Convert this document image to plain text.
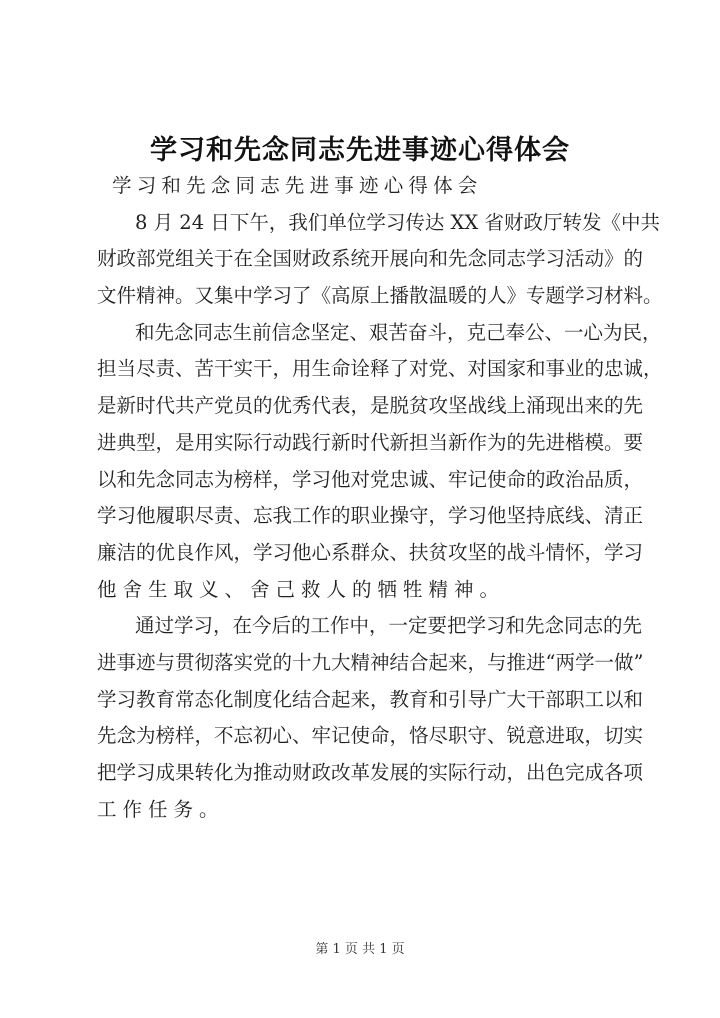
学习和先念同志先进事迹心得体会
学习和先念同志先进事迹心得体会
8 月 24 日下午，我们单位学习传达 XX 省财政厅转发《中共
财政部党组关于在全国财政系统开展向和先念同志学习活动》的
文件精神。又集中学习了《高原上播散温暖的人》专题学习材料。
和先念同志生前信念坚定、艰苦奋斗，克己奉公、一心为民，
担当尽责、苦干实干，用生命诠释了对党、对国家和事业的忠诚，
是新时代共产党员的优秀代表，是脱贫攻坚战线上涌现出来的先
进典型，是用实际行动践行新时代新担当新作为的先进楷模。要
以和先念同志为榜样，学习他对党忠诚、牢记使命的政治品质，
学习他履职尽责、忘我工作的职业操守，学习他坚持底线、清正
廉洁的优良作风，学习他心系群众、扶贫攻坚的战斗情怀，学习
他舍生取义、舍己救人的牺牲精神。
通过学习，在今后的工作中，一定要把学习和先念同志的先
进事迹与贯彻落实党的十九大精神结合起来，与推进“两学一做”
学习教育常态化制度化结合起来，教育和引导广大干部职工以和
先念为榜样，不忘初心、牢记使命，恪尽职守、锐意进取，切实
把学习成果转化为推动财政改革发展的实际行动，出色完成各项
工作任务。
第 1 页 共 1 页
